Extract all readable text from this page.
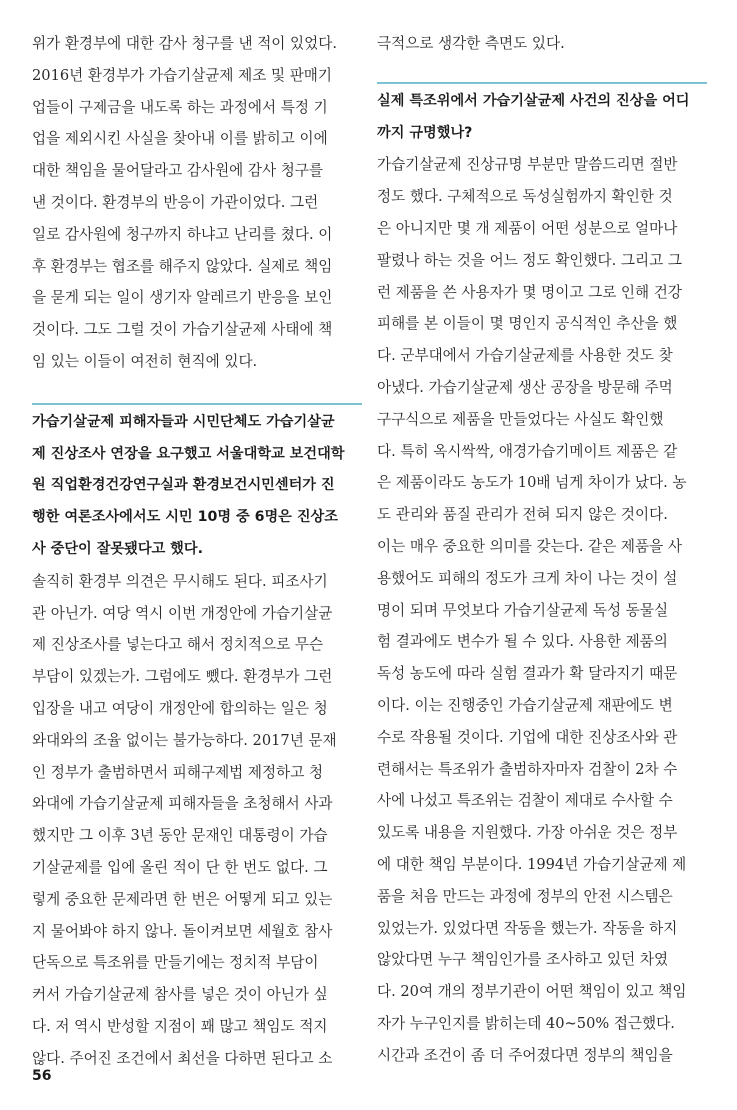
위가 환경부에 대한 감사 청구를 낸 적이 있었다.
2016년 환경부가 가습기살균제 제조 및 판매기
업들이 구제금을 내도록 하는 과정에서 특정 기
업을 제외시킨 사실을 찾아내 이를 밝히고 이에
대한 책임을 물어달라고 감사원에 감사 청구를
낸 것이다. 환경부의 반응이 가관이었다. 그런
일로 감사원에 청구까지 하냐고 난리를 쳤다. 이
후 환경부는 협조를 해주지 않았다. 실제로 책임
을 묻게 되는 일이 생기자 알레르기 반응을 보인
것이다. 그도 그럴 것이 가습기살균제 사태에 책
임 있는 이들이 여전히 현직에 있다.
가습기살균제 피해자들과 시민단체도 가습기살균
제 진상조사 연장을 요구했고 서울대학교 보건대학
원 직업환경건강연구실과 환경보건시민센터가 진
행한 여론조사에서도 시민 10명 중 6명은 진상조
사 중단이 잘못됐다고 했다.
솔직히 환경부 의견은 무시해도 된다. 피조사기
관 아닌가. 여당 역시 이번 개정안에 가습기살균
제 진상조사를 넣는다고 해서 정치적으로 무슨
부담이 있겠는가. 그럼에도 뺐다. 환경부가 그런
입장을 내고 여당이 개정안에 합의하는 일은 청
와대와의 조율 없이는 불가능하다. 2017년 문재
인 정부가 출범하면서 피해구제법 제정하고 청
와대에 가습기살균제 피해자들을 초청해서 사과
했지만 그 이후 3년 동안 문재인 대통령이 가습
기살균제를 입에 올린 적이 단 한 번도 없다. 그
렇게 중요한 문제라면 한 번은 어떻게 되고 있는
지 물어봐야 하지 않나. 돌이켜보면 세월호 참사
단독으로 특조위를 만들기에는 정치적 부담이
커서 가습기살균제 참사를 넣은 것이 아닌가 싶
다. 저 역시 반성할 지점이 꽤 많고 책임도 적지
않다. 주어진 조건에서 최선을 다하면 된다고 소
극적으로 생각한 측면도 있다.
실제 특조위에서 가습기살균제 사건의 진상을 어디
까지 규명했나?
가습기살균제 진상규명 부분만 말씀드리면 절반
정도 했다. 구체적으로 독성실험까지 확인한 것
은 아니지만 몇 개 제품이 어떤 성분으로 얼마나
팔렸나 하는 것을 어느 정도 확인했다. 그리고 그
런 제품을 쓴 사용자가 몇 명이고 그로 인해 건강
피해를 본 이들이 몇 명인지 공식적인 추산을 했
다. 군부대에서 가습기살균제를 사용한 것도 찾
아냈다. 가습기살균제 생산 공장을 방문해 주먹
구구식으로 제품을 만들었다는 사실도 확인했
다. 특히 옥시싹싹, 애경가습기메이트 제품은 같
은 제품이라도 농도가 10배 넘게 차이가 났다. 농
도 관리와 품질 관리가 전혀 되지 않은 것이다.
이는 매우 중요한 의미를 갖는다. 같은 제품을 사
용했어도 피해의 정도가 크게 차이 나는 것이 설
명이 되며 무엇보다 가습기살균제 독성 동물실
험 결과에도 변수가 될 수 있다. 사용한 제품의
독성 농도에 따라 실험 결과가 확 달라지기 때문
이다. 이는 진행중인 가습기살균제 재판에도 변
수로 작용될 것이다. 기업에 대한 진상조사와 관
련해서는 특조위가 출범하자마자 검찰이 2차 수
사에 나섰고 특조위는 검찰이 제대로 수사할 수
있도록 내용을 지원했다. 가장 아쉬운 것은 정부
에 대한 책임 부분이다. 1994년 가습기살균제 제
품을 처음 만드는 과정에 정부의 안전 시스템은
있었는가. 있었다면 작동을 했는가. 작동을 하지
않았다면 누구 책임인가를 조사하고 있던 차였
다. 20여 개의 정부기관이 어떤 책임이 있고 책임
자가 누구인지를 밝히는데 40~50% 접근했다.
시간과 조건이 좀 더 주어졌다면 정부의 책임을
56
